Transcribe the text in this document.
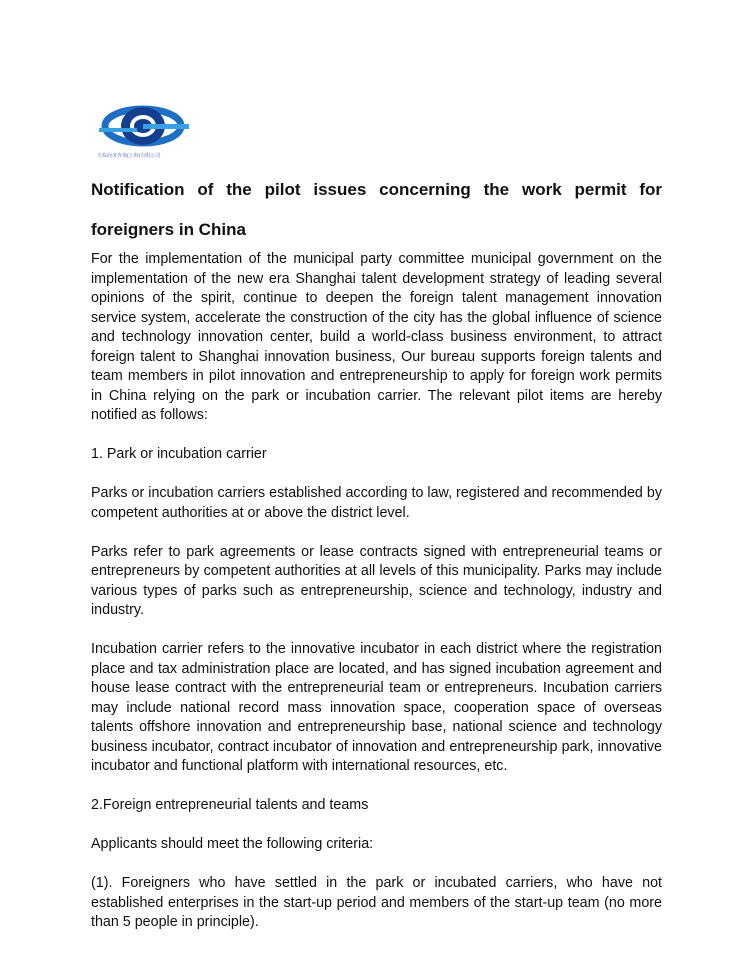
天临商务咨询(上海)有限公司
Notification of the pilot issues concerning the work permit for
foreigners in China

For the implementation of the municipal party committee municipal government on the implementation of the new era Shanghai talent development strategy of leading several opinions of the spirit, continue to deepen the foreign talent management innovation service system, accelerate the construction of the city has the global influence of science and technology innovation center, build a world-class business environment, to attract foreign talent to Shanghai innovation business, Our bureau supports foreign talents and team members in pilot innovation and entrepreneurship to apply for foreign work permits in China relying on the park or incubation carrier. The relevant pilot items are hereby notified as follows:

1. Park or incubation carrier

Parks or incubation carriers established according to law, registered and recommended by competent authorities at or above the district level.

Parks refer to park agreements or lease contracts signed with entrepreneurial teams or entrepreneurs by competent authorities at all levels of this municipality. Parks may include various types of parks such as entrepreneurship, science and technology, industry and industry.

Incubation carrier refers to the innovative incubator in each district where the registration place and tax administration place are located, and has signed incubation agreement and house lease contract with the entrepreneurial team or entrepreneurs. Incubation carriers may include national record mass innovation space, cooperation space of overseas talents offshore innovation and entrepreneurship base, national science and technology business incubator, contract incubator of innovation and entrepreneurship park, innovative incubator and functional platform with international resources, etc.

2.Foreign entrepreneurial talents and teams

Applicants should meet the following criteria:

(1). Foreigners who have settled in the park or incubated carriers, who have not established enterprises in the start-up period and members of the start-up team (no more than 5 people in principle).
